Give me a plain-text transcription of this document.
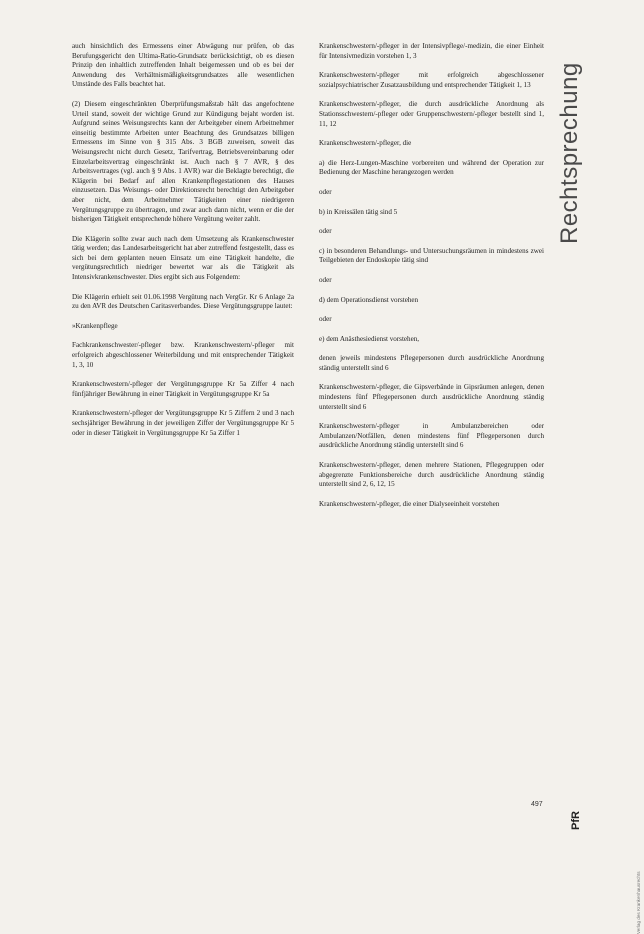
auch hinsichtlich des Ermessens einer Abwägung nur prüfen, ob das Berufungsgericht den Ultima-Ratio-Grundsatz berücksichtigt, ob es diesen Prinzip den inhaltlich zutreffenden Inhalt beigemessen und ob es bei der Anwendung des Verhältnismäßigkeitsgrundsatzes alle wesentlichen Umstände des Falls beachtet hat.

(2) Diesem eingeschränkten Überprüfungsmaßstab hält das angefochtene Urteil stand, soweit der wichtige Grund zur Kündigung bejaht worden ist. Aufgrund seines Weisungsrechts kann der Arbeitgeber einem Arbeitnehmer einseitig bestimmte Arbeiten unter Beachtung des Grundsatzes billigen Ermessens im Sinne von § 315 Abs. 3 BGB zuweisen, soweit das Weisungsrecht nicht durch Gesetz, Tarifvertrag, Betriebsvereinbarung oder Einzelarbeitsvertrag eingeschränkt ist. Auch nach § 7 AVR, § des Arbeitsvertrages (vgl. auch § 9 Abs. 1 AVR) war die Beklagte berechtigt, die Klägerin bei Bedarf auf allen Krankenpflegestationen des Hauses einzusetzen. Das Weisungs- oder Direktionsrecht berechtigt den Arbeitgeber aber nicht, dem Arbeitnehmer Tätigkeiten einer niedrigeren Vergütungsgruppe zu übertragen, und zwar auch dann nicht, wenn er die der bisherigen Tätigkeit entsprechende höhere Vergütung weiter zahlt.

Die Klägerin sollte zwar auch nach dem Umsetzung als Krankenschwester tätig werden; das Landesarbeitsgericht hat aber zutreffend festgestellt, dass es sich bei dem geplanten neuen Einsatz um eine Tätigkeit handelte, die vergütungsrechtlich niedriger bewertet war als die Tätigkeit als Intensivkrankenschwester. Dies ergibt sich aus Folgendem:

Die Klägerin erhielt seit 01.06.1998 Vergütung nach VergGr. Kr 6 Anlage 2a zu den AVR des Deutschen Caritasverbandes. Diese Vergütungsgruppe lautet:

»Krankenpflege

Fachkrankenschwester/-pfleger bzw. Krankenschwestern/-pfleger mit erfolgreich abgeschlossener Weiterbildung und mit entsprechender Tätigkeit 1, 3, 10

Krankenschwestern/-pfleger der Vergütungsgruppe Kr 5a Ziffer 4 nach fünfjähriger Bewährung in einer Tätigkeit in Vergütungsgruppe Kr 5a

Krankenschwestern/-pfleger der Vergütungsgruppe Kr 5 Ziffern 2 und 3 nach sechsjähriger Bewährung in der jeweiligen Ziffer der Vergütungsgruppe Kr 5 oder in dieser Tätigkeit in Vergütungsgruppe Kr 5a Ziffer 1

Krankenschwestern/-pfleger in der Intensivpflege/-medizin, die einer Einheit für Intensivmedizin vorstehen 1, 3

Krankenschwestern/-pfleger mit erfolgreich abgeschlossener sozialpsychiatrischer Zusatzausbildung und entsprechender Tätigkeit 1, 13

Krankenschwestern/-pfleger, die durch ausdrückliche Anordnung als Stationsschwestern/-pfleger oder Gruppenschwestern/-pfleger bestellt sind 1, 11, 12

Krankenschwestern/-pfleger, die

a) die Herz-Lungen-Maschine vorbereiten und während der Operation zur Bedienung der Maschine herangezogen werden

oder

b) in Kreissälen tätig sind 5

oder

c) in besonderen Behandlungs- und Untersuchungsräumen in mindestens zwei Teilgebieten der Endoskopie tätig sind

oder

d) dem Operationsdienst vorstehen

oder

e) dem Anästhesiedienst vorstehen,

denen jeweils mindestens Pflegepersonen durch ausdrückliche Anordnung ständig unterstellt sind 6

Krankenschwestern/-pfleger, die Gipsverbände in Gipsräumen anlegen, denen mindestens fünf Pflegepersonen durch ausdrückliche Anordnung ständig unterstellt sind 6

Krankenschwestern/-pfleger in Ambulanzbereichen oder Ambulanzen/Notfällen, denen mindestens fünf Pflegepersonen durch ausdrückliche Anordnung ständig unterstellt sind 6

Krankenschwestern/-pfleger, denen mehrere Stationen, Pflegegruppen oder abgegrenzte Funktionsbereiche durch ausdrückliche Anordnung ständig unterstellt sind 2, 6, 12, 15

Krankenschwestern/-pfleger, die einer Dialyseeinheit vorstehen

Rechtsprechung
Verlag des Krankenhausrechts
PfR
497
